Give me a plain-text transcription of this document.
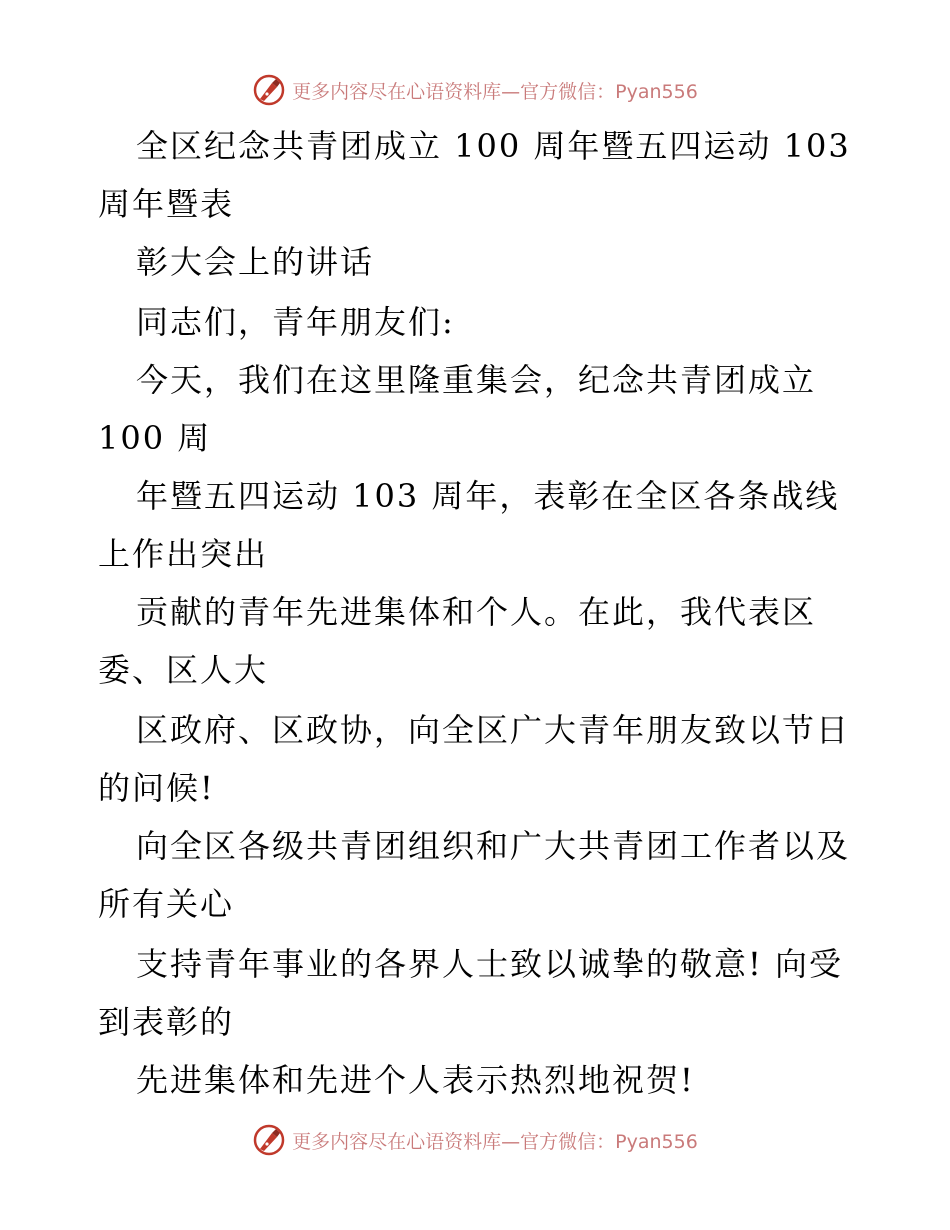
更多内容尽在心语资料库—官方微信：Pyan556
全区纪念共青团成立 100 周年暨五四运动 103
周年暨表
彰大会上的讲话
同志们，青年朋友们:
今天，我们在这里隆重集会，纪念共青团成立
100 周
年暨五四运动 103 周年，表彰在全区各条战线
上作出突出
贡献的青年先进集体和个人。在此，我代表区
委、区人大
区政府、区政协，向全区广大青年朋友致以节日
的问候!
向全区各级共青团组织和广大共青团工作者以及
所有关心
支持青年事业的各界人士致以诚挚的敬意! 向受
到表彰的
先进集体和先进个人表示热烈地祝贺!
更多内容尽在心语资料库—官方微信：Pyan556
